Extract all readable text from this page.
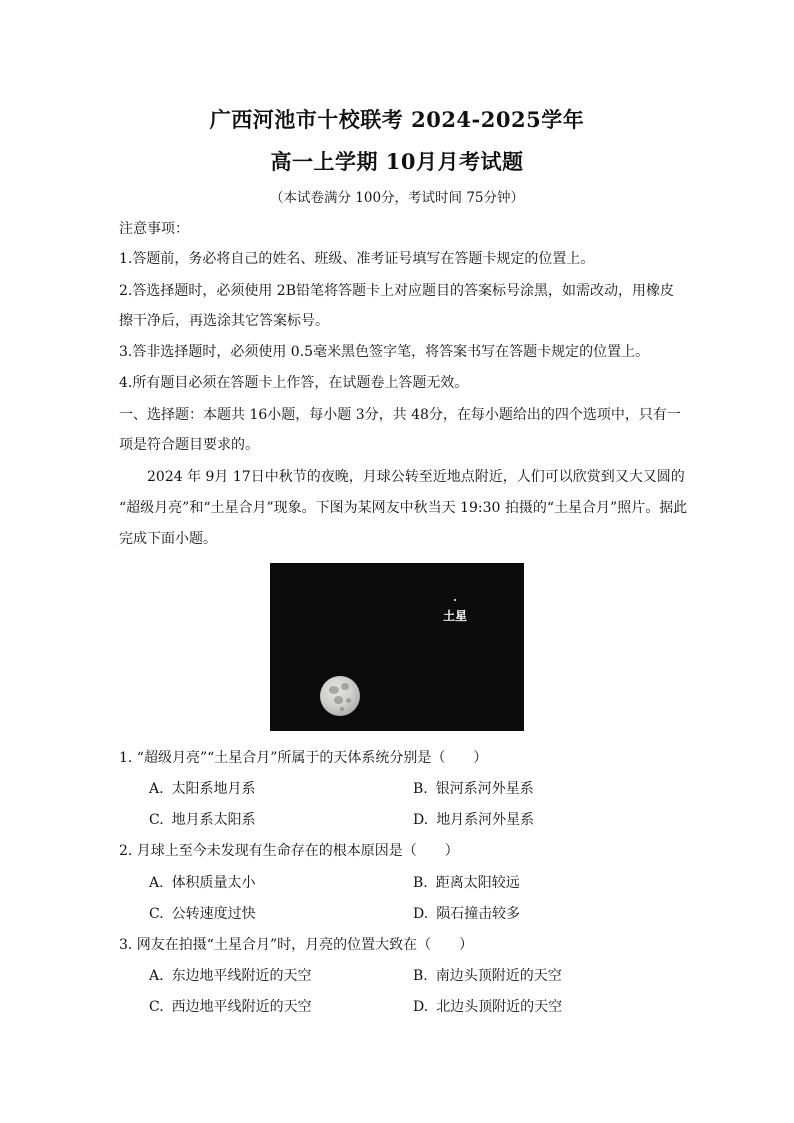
广西河池市十校联考 2024-2025学年
高一上学期 10月月考试题
（本试卷满分 100分，考试时间 75分钟）
注意事项：
1.答题前，务必将自己的姓名、班级、准考证号填写在答题卡规定的位置上。
2.答选择题时，必须使用 2B铅笔将答题卡上对应题目的答案标号涂黑，如需改动，用橡皮
擦干净后，再选涂其它答案标号。
3.答非选择题时，必须使用 0.5毫米黑色签字笔，将答案书写在答题卡规定的位置上。
4.所有题目必须在答题卡上作答，在试题卷上答题无效。
一、选择题：本题共 16小题，每小题 3分，共 48分，在每小题给出的四个选项中，只有一
项是符合题目要求的。
2024 年 9月 17日中秋节的夜晚，月球公转至近地点附近，人们可以欣赏到又大又圆的
“超级月亮”和“土星合月”现象。下图为某网友中秋当天 19:30 拍摄的“土星合月”照片。据此
完成下面小题。
土星
1. “超级月亮”“土星合月”所属于的天体系统分别是（　　）
A. 太阳系地月系	B. 银河系河外星系
C. 地月系太阳系	D. 地月系河外星系
2. 月球上至今未发现有生命存在的根本原因是（　　）
A. 体积质量太小	B. 距离太阳较远
C. 公转速度过快	D. 陨石撞击较多
3. 网友在拍摄“土星合月”时，月亮的位置大致在（　　）
A. 东边地平线附近的天空	B. 南边头顶附近的天空
C. 西边地平线附近的天空	D. 北边头顶附近的天空
